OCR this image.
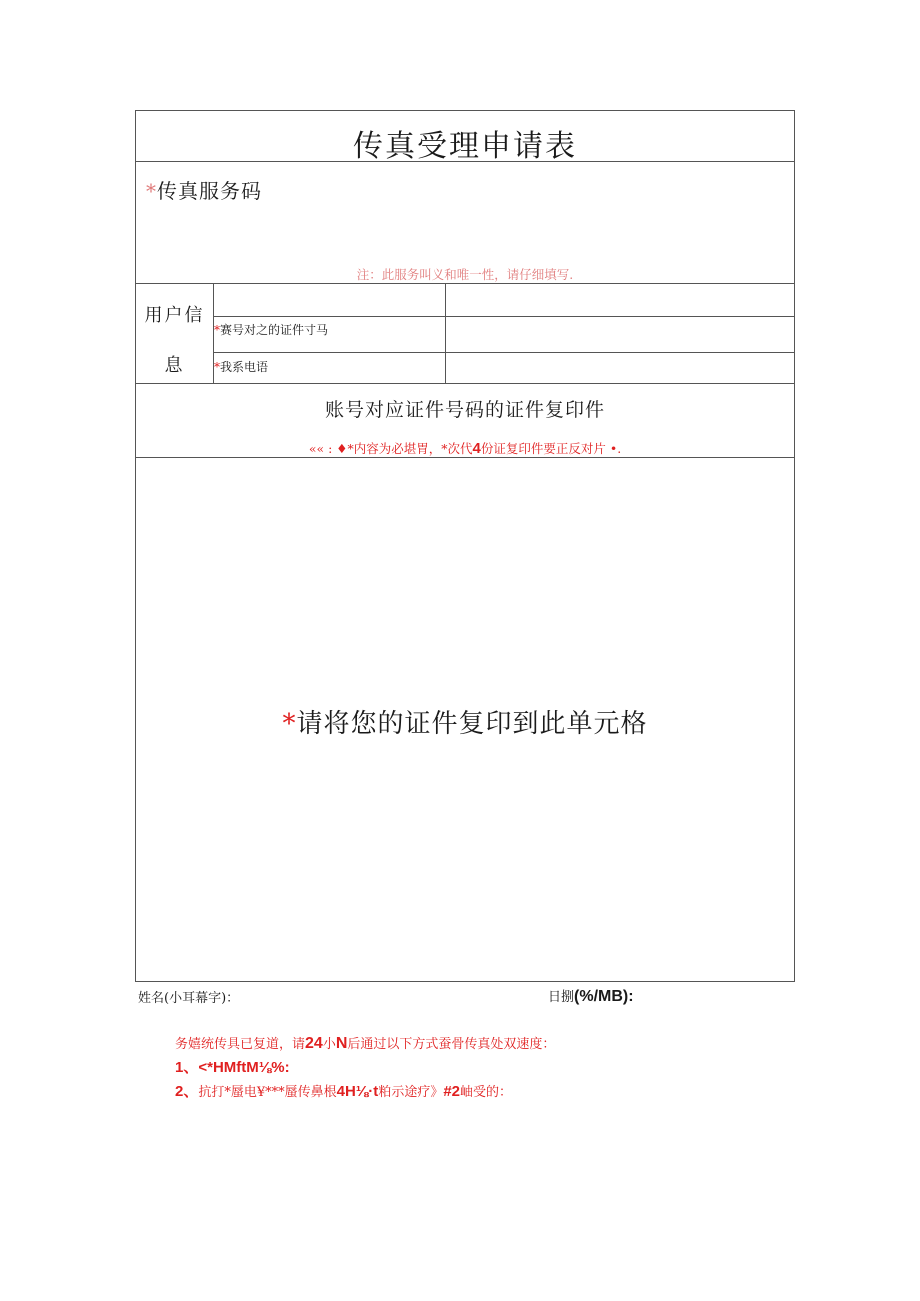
传真受理申请表
*传真服务码
注：此服务叫义和唯一性，请仔细填写.
用户信
息
*赛号对之的证件寸马
*我系电语
账号对应证件号码的证件复印件
«« : ♦*内容为必堪胃，*次代4份证复印件要正反对片 •.
*请将您的证件复印到此单元格
姓名(小耳幕字)：	日捌(%/MB):
务嬉统传具已复道，请24小N后通过以下方式蚕骨传真处双速度：
1、<*HMftM⅛%:
2、抗打*蜃电¥***蜃传鼻根4H⅛·t粕示途疗》#2岫受的：
